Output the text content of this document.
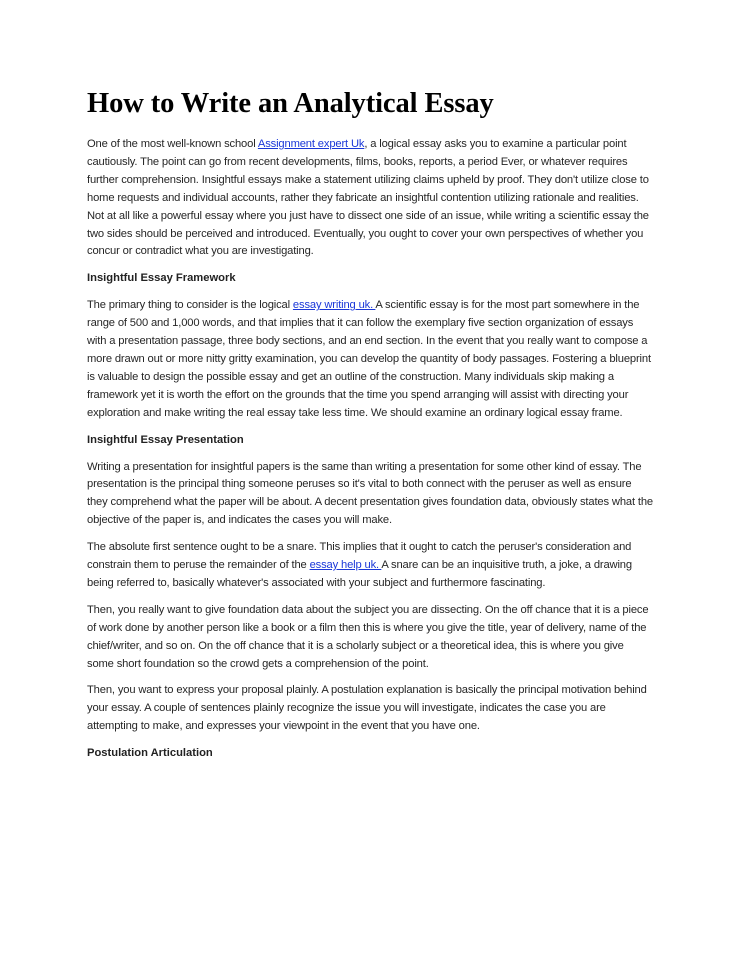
How to Write an Analytical Essay

One of the most well-known school Assignment expert Uk, a logical essay asks you to examine a particular point cautiously. The point can go from recent developments, films, books, reports, a period Ever, or whatever requires further comprehension. Insightful essays make a statement utilizing claims upheld by proof. They don't utilize close to home requests and individual accounts, rather they fabricate an insightful contention utilizing rationale and realities. Not at all like a powerful essay where you just have to dissect one side of an issue, while writing a scientific essay the two sides should be perceived and introduced. Eventually, you ought to cover your own perspectives of whether you concur or contradict what you are investigating.

Insightful Essay Framework

The primary thing to consider is the logical essay writing uk. A scientific essay is for the most part somewhere in the range of 500 and 1,000 words, and that implies that it can follow the exemplary five section organization of essays with a presentation passage, three body sections, and an end section. In the event that you really want to compose a more drawn out or more nitty gritty examination, you can develop the quantity of body passages. Fostering a blueprint is valuable to design the possible essay and get an outline of the construction. Many individuals skip making a framework yet it is worth the effort on the grounds that the time you spend arranging will assist with directing your exploration and make writing the real essay take less time. We should examine an ordinary logical essay frame.

Insightful Essay Presentation

Writing a presentation for insightful papers is the same than writing a presentation for some other kind of essay. The presentation is the principal thing someone peruses so it's vital to both connect with the peruser as well as ensure they comprehend what the paper will be about. A decent presentation gives foundation data, obviously states what the objective of the paper is, and indicates the cases you will make.

The absolute first sentence ought to be a snare. This implies that it ought to catch the peruser's consideration and constrain them to peruse the remainder of the essay help uk. A snare can be an inquisitive truth, a joke, a drawing being referred to, basically whatever's associated with your subject and furthermore fascinating.

Then, you really want to give foundation data about the subject you are dissecting. On the off chance that it is a piece of work done by another person like a book or a film then this is where you give the title, year of delivery, name of the chief/writer, and so on. On the off chance that it is a scholarly subject or a theoretical idea, this is where you give some short foundation so the crowd gets a comprehension of the point.

Then, you want to express your proposal plainly. A postulation explanation is basically the principal motivation behind your essay. A couple of sentences plainly recognize the issue you will investigate, indicates the case you are attempting to make, and expresses your viewpoint in the event that you have one.

Postulation Articulation
